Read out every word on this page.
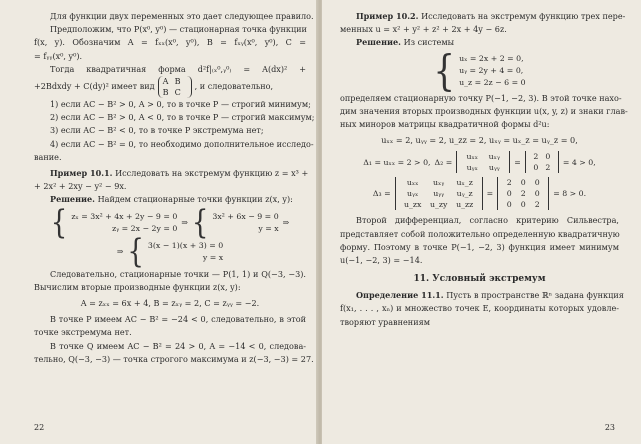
Для функции двух переменных это дает следующее правило.
Предположим, что P(x⁰, y⁰) — стационарная точка функции
f(x, y). Обозначим A = fₓₓ(x⁰, y⁰), B = fₓᵧ(x⁰, y⁰), C =
= fᵧᵧ(x⁰, y⁰).
Тогда квадратичная форма d²f|₍ₓ⁰,ᵧ⁰₎ = A(dx)² +
+2Bdxdy + C(dy)² имеет вид
A B
B C
, и следовательно,
1) если AC − B² > 0, A > 0, то в точке P — строгий минимум;
2) если AC − B² > 0, A < 0, то в точке P — строгий максимум;
3) если AC − B² < 0, то в точке P экстремума нет;
4) если AC − B² = 0, то необходимо дополнительное исследо-
вание.
Пример 10.1. Исследовать на экстремум функцию z = x³ +
+ 2x² + 2xy − y² − 9x.
Решение. Найдем стационарные точки функции z(x, y):
{ zₓ = 3x² + 4x + 2y − 9 = 0
zᵧ = 2x − 2y = 0
⇒ { 3x² + 6x − 9 = 0
y = x
⇒
⇒ { 3(x − 1)(x + 3) = 0
y = x
Следовательно, стационарные точки — P(1, 1) и Q(−3, −3).
Вычислим вторые производные функции z(x, y):
A = zₓₓ = 6x + 4, B = zₓᵧ = 2, C = zᵧᵧ = −2.
В точке P имеем AC − B² = −24 < 0, следовательно, в этой
точке экстремума нет.
В точке Q имеем AC − B² = 24 > 0, A = −14 < 0, следова-
тельно, Q(−3, −3) — точка строгого максимума и z(−3, −3) = 27.
22
Пример 10.2. Исследовать на экстремум функцию трех пере-
менных u = x² + y² + z² + 2x + 4y − 6z.
Решение. Из системы
{ uₓ = 2x + 2 = 0,
uᵧ = 2y + 4 = 0,
u_z = 2z − 6 = 0
определяем стационарную точку P(−1, −2, 3). В этой точке нахо-
дим значения вторых производных функции u(x, y, z) и знаки глав-
ных миноров матрицы квадратичной формы d²u:
uₓₓ = 2, uᵧᵧ = 2, u_zz = 2, uₓᵧ = uₓ_z = uᵧ_z = 0,
Δ₁ = uₓₓ = 2 > 0, Δ₂ =
uₓₓ	uₓᵧ
uᵧₓ	uᵧᵧ
=
2 0
0 2
= 4 > 0,
Δ₃ =
uₓₓ	uₓᵧ	uₓ_z
uᵧₓ	uᵧᵧ	uᵧ_z
u_zx	u_zy	u_zz
=
2	0	0
0	2	0
0	0	2
= 8 > 0.
Второй дифференциал, согласно критерию Сильвестра,
представляет собой положительно определенную квадратичную
форму. Поэтому в точке P(−1, −2, 3) функция имеет минимум
u(−1, −2, 3) = −14.
11. Условный экстремум
Определение 11.1. Пусть в пространстве ℝⁿ задана функция
f(x₁, . . . , xₙ) и множество точек E, координаты которых удовле-
творяют уравнениям
23
